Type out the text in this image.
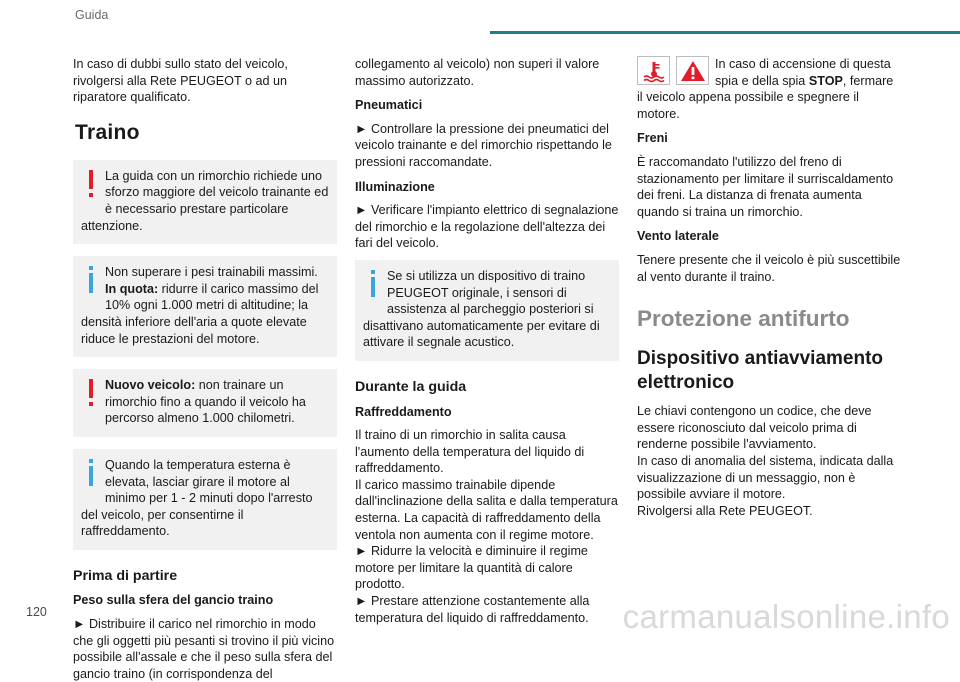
Guida

In caso di dubbi sullo stato del veicolo, rivolgersi alla Rete PEUGEOT o ad un riparatore qualificato.

Traino
La guida con un rimorchio richiede uno sforzo maggiore del veicolo trainante ed è necessario prestare particolare attenzione.
Non superare i pesi trainabili massimi.
In quota: ridurre il carico massimo del 10% ogni 1.000 metri di altitudine; la densità inferiore dell'aria a quote elevate riduce le prestazioni del motore.
Nuovo veicolo: non trainare un rimorchio fino a quando il veicolo ha percorso almeno 1.000 chilometri.
Quando la temperatura esterna è elevata, lasciar girare il motore al minimo per 1 - 2 minuti dopo l'arresto del veicolo, per consentirne il raffreddamento.
Prima di partire
Peso sulla sfera del gancio traino

► Distribuire il carico nel rimorchio in modo che gli oggetti più pesanti si trovino il più vicino possibile all'assale e che il peso sulla sfera del gancio traino (in corrispondenza del

collegamento al veicolo) non superi il valore massimo autorizzato.

Pneumatici

► Controllare la pressione dei pneumatici del veicolo trainante e del rimorchio rispettando le pressioni raccomandate.

Illuminazione

► Verificare l'impianto elettrico di segnalazione del rimorchio e la regolazione dell'altezza dei fari del veicolo.

Se si utilizza un dispositivo di traino PEUGEOT originale, i sensori di assistenza al parcheggio posteriori si disattivano automaticamente per evitare di attivare il segnale acustico.
Durante la guida
Raffreddamento

Il traino di un rimorchio in salita causa l'aumento della temperatura del liquido di raffreddamento.

Il carico massimo trainabile dipende dall'inclinazione della salita e dalla temperatura esterna. La capacità di raffreddamento della ventola non aumenta con il regime motore.

► Ridurre la velocità e diminuire il regime motore per limitare la quantità di calore prodotto.

► Prestare attenzione costantemente alla temperatura del liquido di raffreddamento.

In caso di accensione di questa spia e della spia STOP, fermare il veicolo appena possibile e spegnere il motore.

Freni

È raccomandato l'utilizzo del freno di stazionamento per limitare il surriscaldamento dei freni. La distanza di frenata aumenta quando si traina un rimorchio.

Vento laterale

Tenere presente che il veicolo è più suscettibile al vento durante il traino.

Protezione antifurto
Dispositivo antiavviamento elettronico

Le chiavi contengono un codice, che deve essere riconosciuto dal veicolo prima di renderne possibile l'avviamento.

In caso di anomalia del sistema, indicata dalla visualizzazione di un messaggio, non è possibile avviare il motore.

Rivolgersi alla Rete PEUGEOT.

120	carmanualsonline.info
